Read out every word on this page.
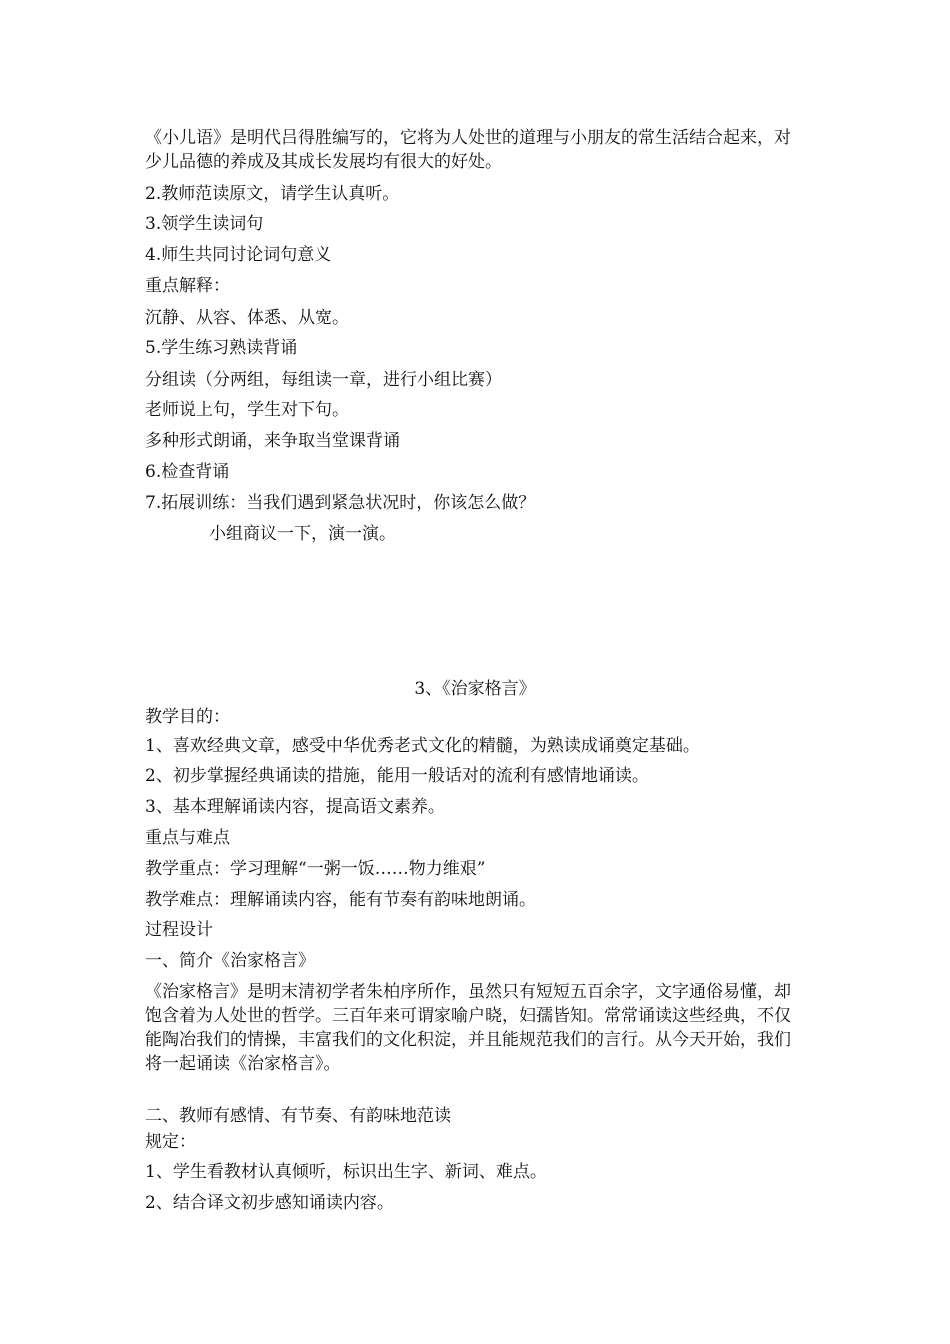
《小儿语》是明代吕得胜编写的，它将为人处世的道理与小朋友的常生活结合起来，对少儿品德的养成及其成长发展均有很大的好处。
2.教师范读原文，请学生认真听。
3.领学生读词句
4.师生共同讨论词句意义
重点解释：
沉静、从容、体悉、从宽。
5.学生练习熟读背诵
分组读（分两组，每组读一章，进行小组比赛）
老师说上句，学生对下句。
多种形式朗诵，来争取当堂课背诵
6.检查背诵
7.拓展训练：当我们遇到紧急状况时，你该怎么做？
小组商议一下，演一演。
3、《治家格言》
教学目的：
1、喜欢经典文章，感受中华优秀老式文化的精髓，为熟读成诵奠定基础。
2、初步掌握经典诵读的措施，能用一般话对的流利有感情地诵读。
3、基本理解诵读内容，提高语文素养。
重点与难点
教学重点：学习理解“一粥一饭……物力维艰”
教学难点：理解诵读内容，能有节奏有韵味地朗诵。
过程设计
一、简介《治家格言》
《治家格言》是明末清初学者朱柏序所作，虽然只有短短五百余字，文字通俗易懂，却饱含着为人处世的哲学。三百年来可谓家喻户晓，妇孺皆知。常常诵读这些经典，不仅能陶冶我们的情操，丰富我们的文化积淀，并且能规范我们的言行。从今天开始，我们将一起诵读《治家格言》。
二、教师有感情、有节奏、有韵味地范读
规定：
1、学生看教材认真倾听，标识出生字、新词、难点。
2、结合译文初步感知诵读内容。
